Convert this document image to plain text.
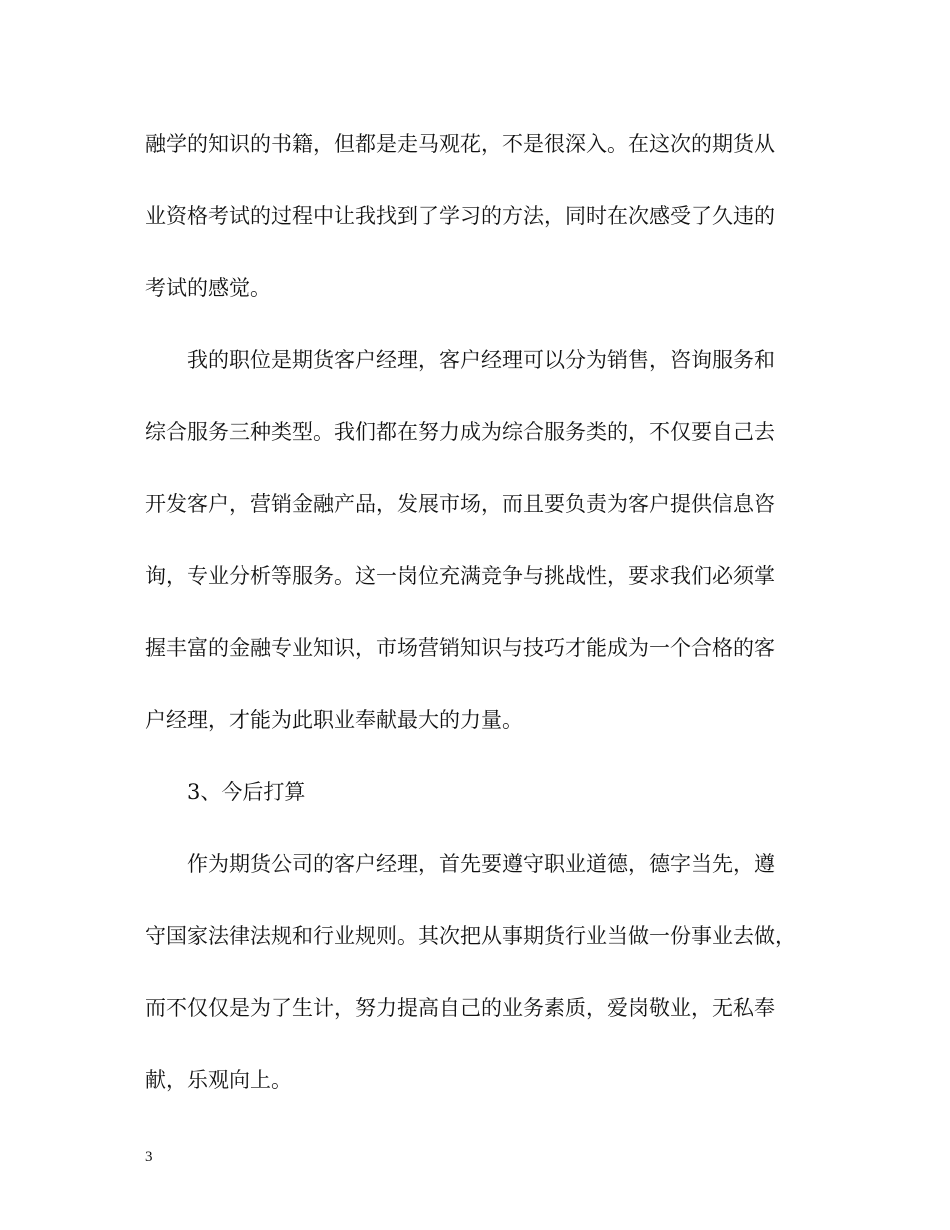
融学的知识的书籍，但都是走马观花，不是很深入。在这次的期货从
业资格考试的过程中让我找到了学习的方法，同时在次感受了久违的
考试的感觉。
我的职位是期货客户经理，客户经理可以分为销售，咨询服务和
综合服务三种类型。我们都在努力成为综合服务类的，不仅要自己去
开发客户，营销金融产品，发展市场，而且要负责为客户提供信息咨
询，专业分析等服务。这一岗位充满竞争与挑战性，要求我们必须掌
握丰富的金融专业知识，市场营销知识与技巧才能成为一个合格的客
户经理，才能为此职业奉献最大的力量。
3、今后打算
作为期货公司的客户经理，首先要遵守职业道德，德字当先，遵
守国家法律法规和行业规则。其次把从事期货行业当做一份事业去做，
而不仅仅是为了生计，努力提高自己的业务素质，爱岗敬业，无私奉
献，乐观向上。
3
